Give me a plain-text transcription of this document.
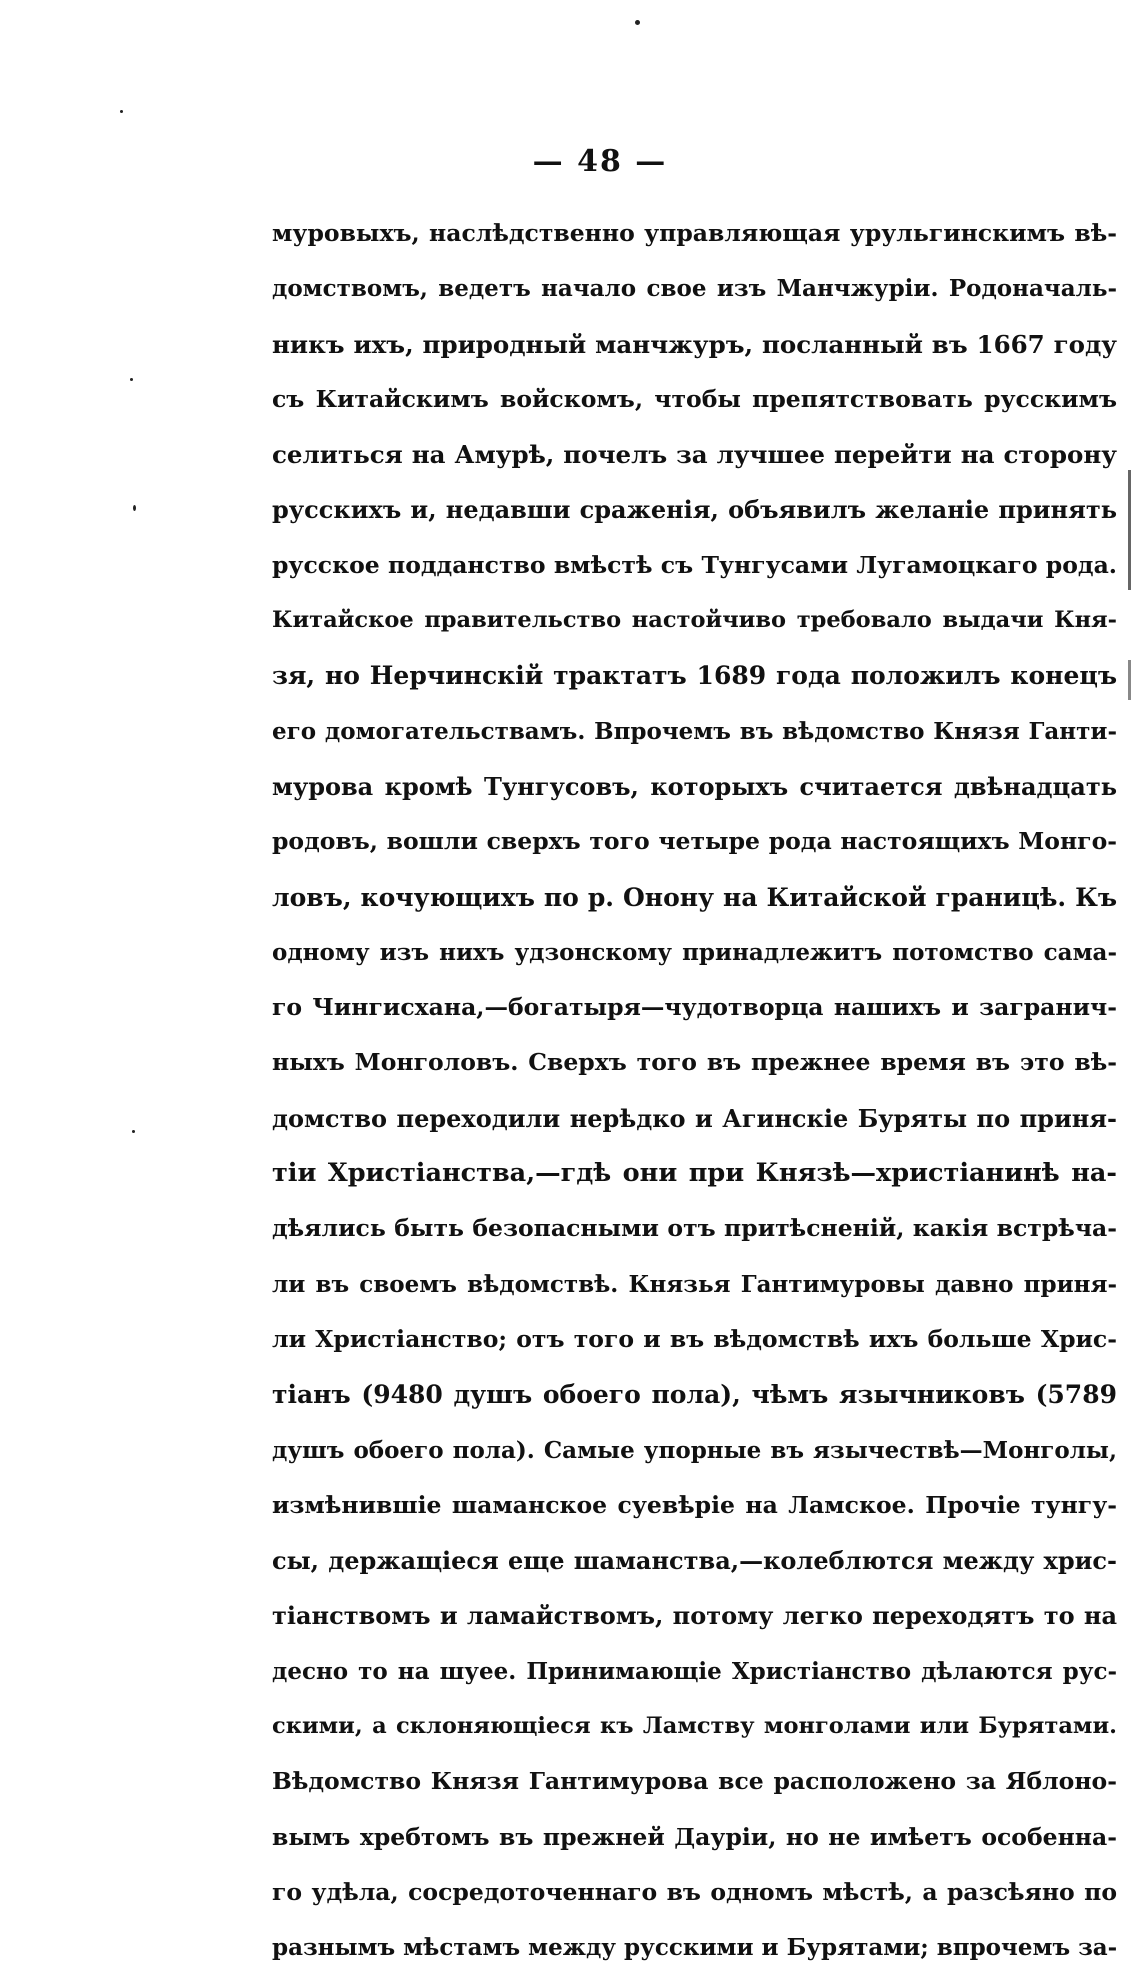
— 48 —
муровыхъ, наслѣдственно управляющая урульгинскимъ вѣ-
домствомъ, ведетъ начало свое изъ Манчжуріи. Родоначаль-
никъ ихъ, природный манчжуръ, посланный въ 1667 году
съ Китайскимъ войскомъ, чтобы препятствовать русскимъ
селиться на Амурѣ, почелъ за лучшее перейти на сторону
русскихъ и, недавши сраженія, объявилъ желаніе принять
русское подданство вмѣстѣ съ Тунгусами Лугамоцкаго рода.
Китайское правительство настойчиво требовало выдачи Кня-
зя, но Нерчинскій трактатъ 1689 года положилъ конецъ
его домогательствамъ. Впрочемъ въ вѣдомство Князя Ганти-
мурова кромѣ Тунгусовъ, которыхъ считается двѣнадцать
родовъ, вошли сверхъ того четыре рода настоящихъ Монго-
ловъ, кочующихъ по р. Онону на Китайской границѣ. Къ
одному изъ нихъ удзонскому принадлежитъ потомство сама-
го Чингисхана,—богатыря—чудотворца нашихъ и загранич-
ныхъ Монголовъ. Сверхъ того въ прежнее время въ это вѣ-
домство переходили нерѣдко и Агинскіе Буряты по приня-
тіи Христіанства,—гдѣ они при Князѣ—христіанинѣ на-
дѣялись быть безопасными отъ притѣсненій, какія встрѣча-
ли въ своемъ вѣдомствѣ. Князья Гантимуровы давно приня-
ли Христіанство; отъ того и въ вѣдомствѣ ихъ больше Хрис-
тіанъ (9480 душъ обоего пола), чѣмъ язычниковъ (5789
душъ обоего пола). Самые упорные въ язычествѣ—Монголы,
измѣнившіе шаманское суевѣріе на Ламское. Прочіе тунгу-
сы, держащіеся еще шаманства,—колеблются между хрис-
тіанствомъ и ламайствомъ, потому легко переходятъ то на
десно то на шуее. Принимающіе Христіанство дѣлаются рус-
скими, а склоняющіеся къ Ламству монголами или Бурятами.
Вѣдомство Князя Гантимурова все расположено за Яблоно-
вымъ хребтомъ въ прежней Дауріи, но не имѣетъ особенна-
го удѣла, сосредоточеннаго въ одномъ мѣстѣ, а разсѣяно по
разнымъ мѣстамъ между русскими и Бурятами; впрочемъ за-
